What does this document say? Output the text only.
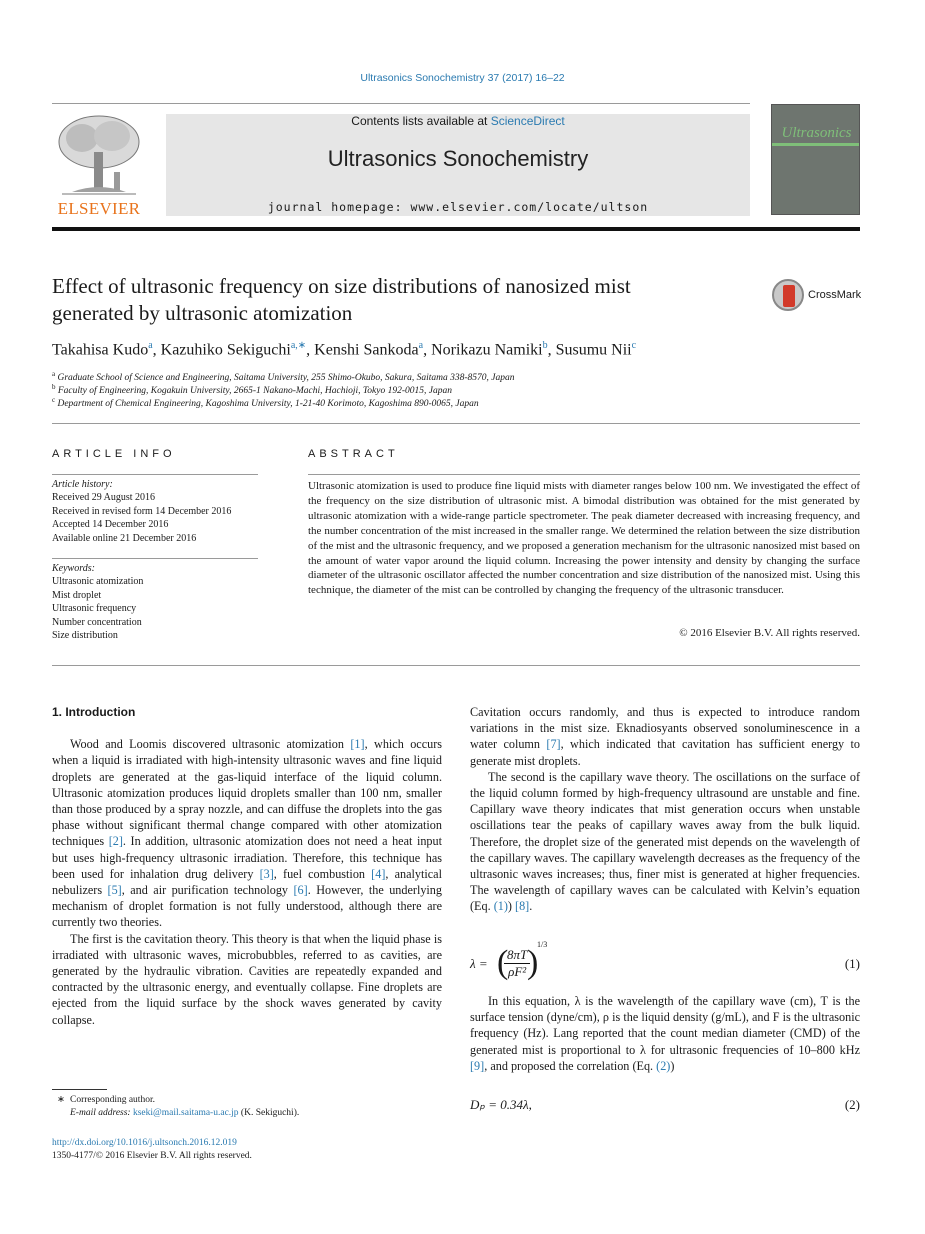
Ultrasonics Sonochemistry 37 (2017) 16–22
ELSEVIER
Contents lists available at ScienceDirect
Ultrasonics Sonochemistry
journal homepage: www.elsevier.com/locate/ultson
Ultrasonics
Effect of ultrasonic frequency on size distributions of nanosized mist
generated by ultrasonic atomization
CrossMark
Takahisa Kudo$^a$, Kazuhiko Sekiguchi$^{a,∗}$, Kenshi Sankoda$^a$, Norikazu Namiki$^b$, Susumu Nii$^c$
$^a$ Graduate School of Science and Engineering, Saitama University, 255 Shimo-Okubo, Sakura, Saitama 338-8570, Japan
$^b$ Faculty of Engineering, Kogakuin University, 2665-1 Nakano-Machi, Hachioji, Tokyo 192-0015, Japan
$^c$ Department of Chemical Engineering, Kagoshima University, 1-21-40 Korimoto, Kagoshima 890-0065, Japan
ARTICLE INFO
Article history:
Received 29 August 2016
Received in revised form 14 December 2016
Accepted 14 December 2016
Available online 21 December 2016
Keywords:
Ultrasonic atomization
Mist droplet
Ultrasonic frequency
Number concentration
Size distribution
ABSTRACT
Ultrasonic atomization is used to produce fine liquid mists with diameter ranges below 100 nm. We investigated the effect of the frequency on the size distribution of ultrasonic mist. A bimodal distribution was obtained for the mist generated by ultrasonic atomization with a wide-range particle spectrometer. The peak diameter decreased with increasing frequency, and the number concentration of the mist increased in the smaller range. We determined the relation between the size distribution of the mist and the ultrasonic frequency, and we proposed a generation mechanism for the ultrasonic nanosized mist based on the amount of water vapor around the liquid column. Increasing the power intensity and density by changing the surface diameter of the ultrasonic oscillator affected the number concentration and size distribution of the nanosized mist. Using this technique, the diameter of the mist can be controlled by changing the frequency of the ultrasonic transducer.
© 2016 Elsevier B.V. All rights reserved.
1. Introduction

Wood and Loomis discovered ultrasonic atomization [1], which occurs when a liquid is irradiated with high-intensity ultrasonic waves and fine liquid droplets are generated at the gas-liquid interface of the liquid column. Ultrasonic atomization produces liquid droplets smaller than 100 nm, smaller than those produced by a spray nozzle, and can diffuse the droplets into the gas phase without significant thermal change compared with other atomization techniques [2]. In addition, ultrasonic atomization does not need a heat input but uses high-frequency ultrasonic irradiation. Therefore, this technique has been used for inhalation drug delivery [3], fuel combustion [4], analytical nebulizers [5], and air purification technology [6]. However, the underlying mechanism of droplet formation is not fully understood, although there are currently two theories.

The first is the cavitation theory. This theory is that when the liquid phase is irradiated with ultrasonic waves, microbubbles, referred to as cavities, are generated by the hydraulic vibration. Cavities are repeatedly expanded and contracted by the ultrasonic energy, and eventually collapse. Fine droplets are ejected from the liquid surface by the shock waves generated by cavity collapse.

Cavitation occurs randomly, and thus is expected to introduce random variations in the mist size. Eknadiosyants observed sonoluminescence in a water column [7], which indicated that cavitation has sufficient energy to generate mist droplets.

The second is the capillary wave theory. The oscillations on the surface of the liquid column formed by high-frequency ultrasound are unstable and fine. Capillary wave theory indicates that mist generation occurs when unstable oscillations tear the peaks of capillary waves away from the bulk liquid. Therefore, the droplet size of the generated mist depends on the wavelength of the capillary waves. The capillary wavelength decreases as the frequency of the ultrasonic waves increases; thus, finer mist is generated at higher frequencies. The wavelength of capillary waves can be calculated with Kelvin’s equation (Eq. (1)) [8].

λ = (
$\frac{8\pi T}{\text{ρF²}}$
)
1/3
(1)

In this equation, λ is the wavelength of the capillary wave (cm), T is the surface tension (dyne/cm), ρ is the liquid density (g/mL), and F is the ultrasonic frequency (Hz). Lang reported that the count median diameter (CMD) of the generated mist is proportional to λ for ultrasonic frequencies of 10–800 kHz [9], and proposed the correlation (Eq. (2))

Dₚ = 0.34λ,	(2)
∗ Corresponding author.
E-mail address: kseki@mail.saitama-u.ac.jp (K. Sekiguchi).
http://dx.doi.org/10.1016/j.ultsonch.2016.12.019
1350-4177/© 2016 Elsevier B.V. All rights reserved.
